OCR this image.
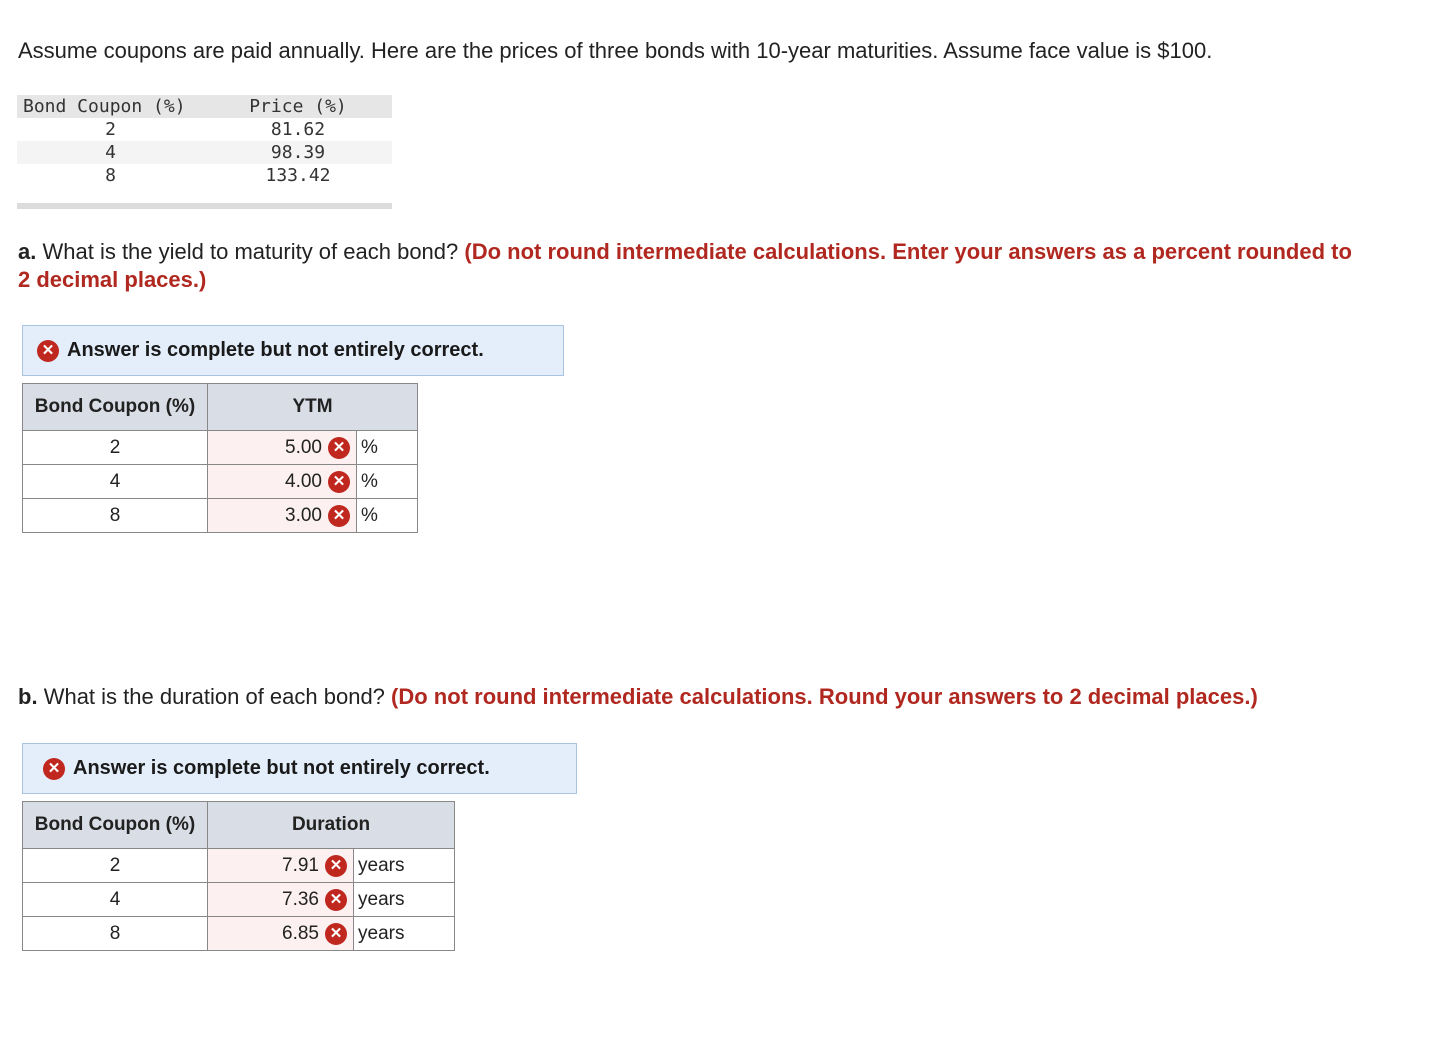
Assume coupons are paid annually. Here are the prices of three bonds with 10-year maturities. Assume face value is $100.
Bond Coupon (%)	Price (%)
2	81.62
4	98.39
8	133.42
a. What is the yield to maturity of each bond? (Do not round intermediate calculations. Enter your answers as a percent rounded to
2 decimal places.)
✕ Answer is complete but not entirely correct.
Bond Coupon (%)	YTM	
2	5.00 ✕	%
4	4.00 ✕	%
8	3.00 ✕	%
b. What is the duration of each bond? (Do not round intermediate calculations. Round your answers to 2 decimal places.)
✕ Answer is complete but not entirely correct.
Bond Coupon (%)	Duration	
2	7.91 ✕	years
4	7.36 ✕	years
8	6.85 ✕	years
